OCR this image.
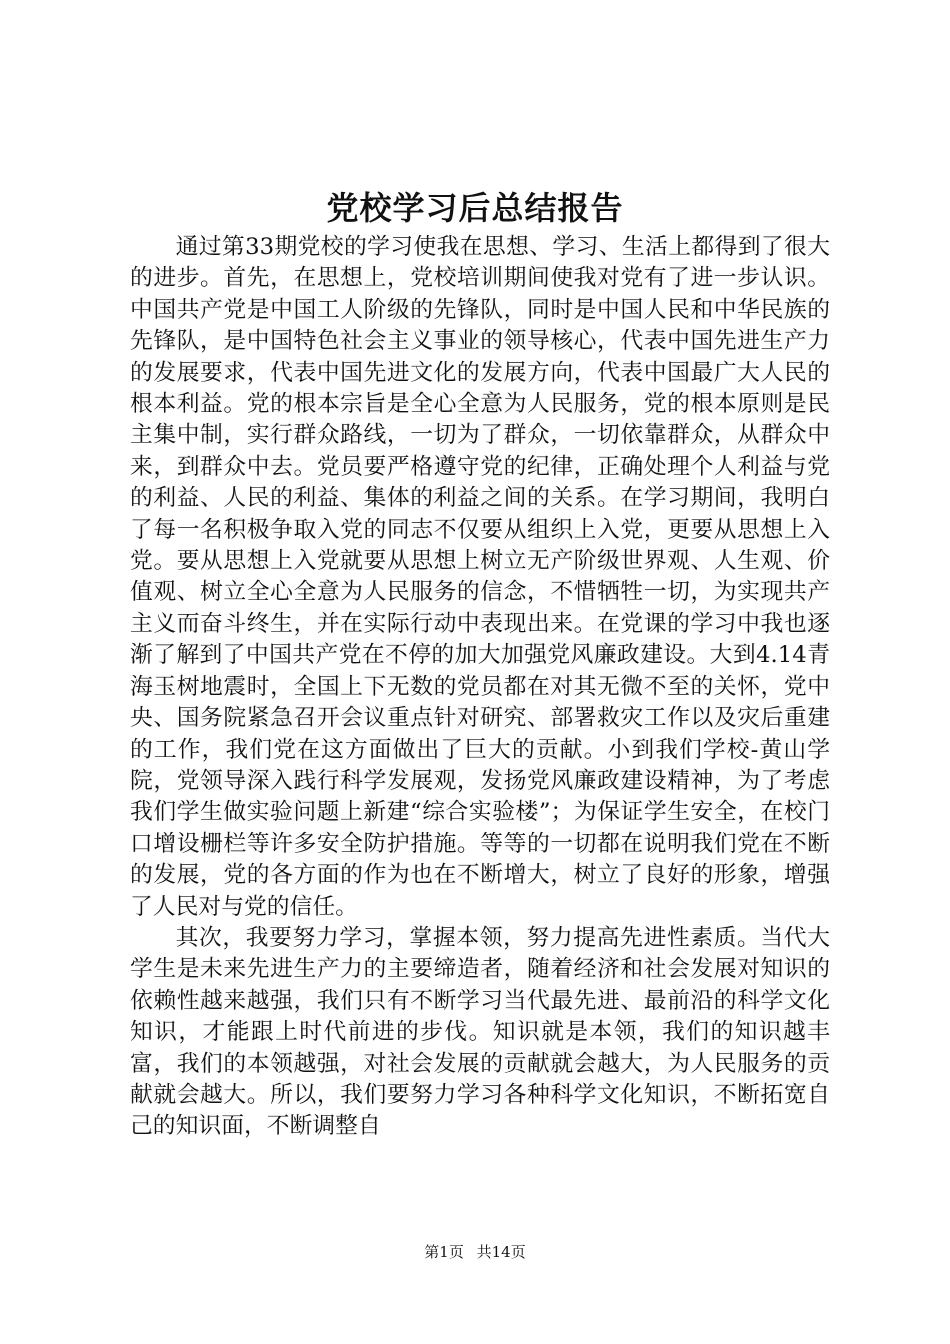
党校学习后总结报告

通过第33期党校的学习使我在思想、学习、生活上都得到了很大的进步。首先，在思想上，党校培训期间使我对党有了进一步认识。中国共产党是中国工人阶级的先锋队，同时是中国人民和中华民族的先锋队，是中国特色社会主义事业的领导核心，代表中国先进生产力的发展要求，代表中国先进文化的发展方向，代表中国最广大人民的根本利益。党的根本宗旨是全心全意为人民服务，党的根本原则是民主集中制，实行群众路线，一切为了群众，一切依靠群众，从群众中来，到群众中去。党员要严格遵守党的纪律，正确处理个人利益与党的利益、人民的利益、集体的利益之间的关系。在学习期间，我明白了每一名积极争取入党的同志不仅要从组织上入党，更要从思想上入党。要从思想上入党就要从思想上树立无产阶级世界观、人生观、价值观、树立全心全意为人民服务的信念，不惜牺牲一切，为实现共产主义而奋斗终生，并在实际行动中表现出来。在党课的学习中我也逐渐了解到了中国共产党在不停的加大加强党风廉政建设。大到4.14青海玉树地震时，全国上下无数的党员都在对其无微不至的关怀，党中央、国务院紧急召开会议重点针对研究、部署救灾工作以及灾后重建的工作，我们党在这方面做出了巨大的贡献。小到我们学校-黄山学院，党领导深入践行科学发展观，发扬党风廉政建设精神，为了考虑我们学生做实验问题上新建“综合实验楼”；为保证学生安全，在校门口增设栅栏等许多安全防护措施。等等的一切都在说明我们党在不断的发展，党的各方面的作为也在不断增大，树立了良好的形象，增强了人民对与党的信任。

其次，我要努力学习，掌握本领，努力提高先进性素质。当代大学生是未来先进生产力的主要缔造者，随着经济和社会发展对知识的依赖性越来越强，我们只有不断学习当代最先进、最前沿的科学文化知识，才能跟上时代前进的步伐。知识就是本领，我们的知识越丰富，我们的本领越强，对社会发展的贡献就会越大，为人民服务的贡献就会越大。所以，我们要努力学习各种科学文化知识，不断拓宽自己的知识面，不断调整自

第1页 共14页
